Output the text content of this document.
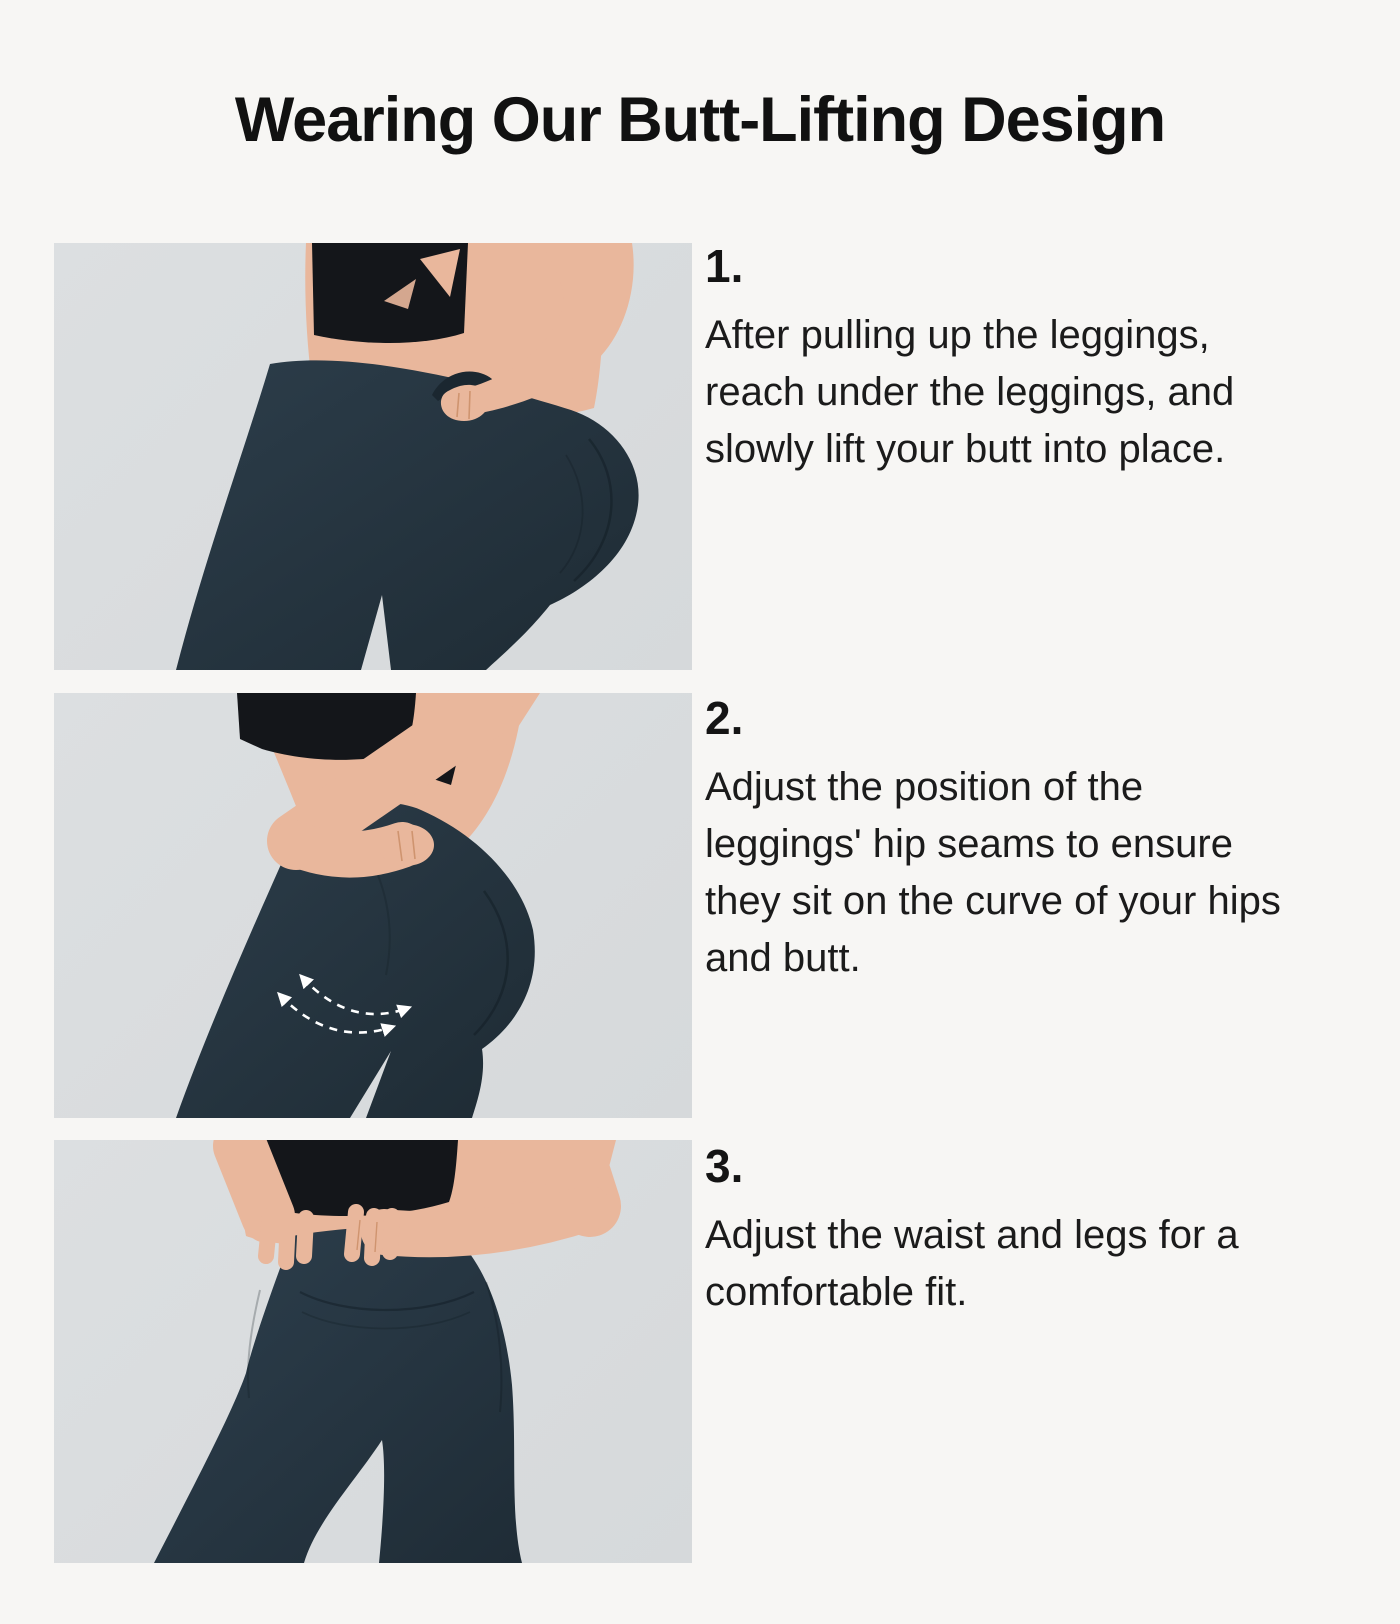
Wearing Our Butt-Lifting Design

1.

After pulling up the leggings, reach under the leggings, and slowly lift your butt into place.

2.

Adjust the position of the leggings' hip seams to ensure they sit on the curve of your hips and butt.

3.

Adjust the waist and legs for a comfortable fit.
